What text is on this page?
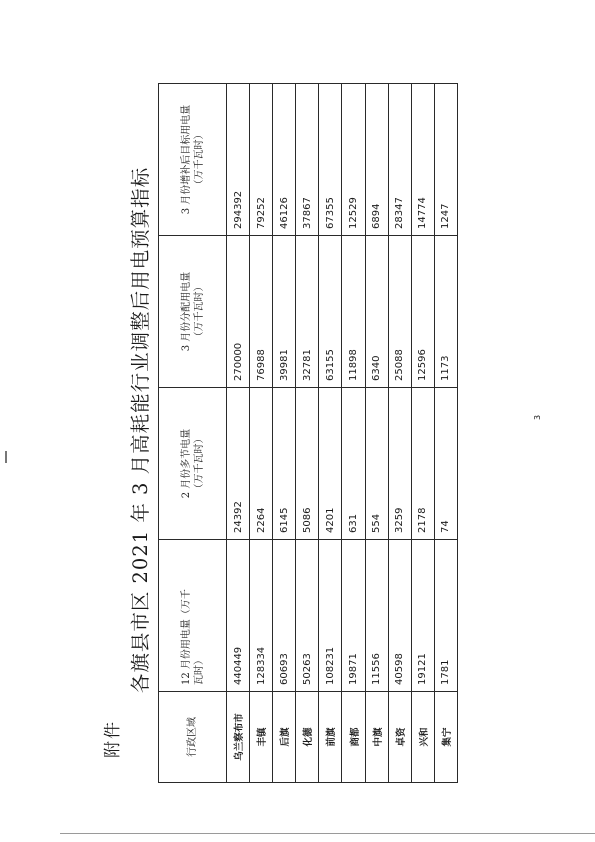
附件
各旗县市区 2021 年 3 月高耗能行业调整后用电预算指标	3
行政区域	12 月份用电量（万千 瓦时）	2 月份多节电量 （万千瓦时）	3 月份分配用电量 （万千瓦时）	3 月份增补后目标用电量 （万千瓦时）

乌兰察布市	440449	24392	270000	294392
丰镇	128334	2264	76988	79252
后旗	60693	6145	39981	46126
化德	50263	5086	32781	37867
前旗	108231	4201	63155	67355
商都	19871	631	11898	12529
中旗	11556	554	6340	6894
卓资	40598	3259	25088	28347
兴和	19121	2178	12596	14774
集宁	1781	74	1173	1247
